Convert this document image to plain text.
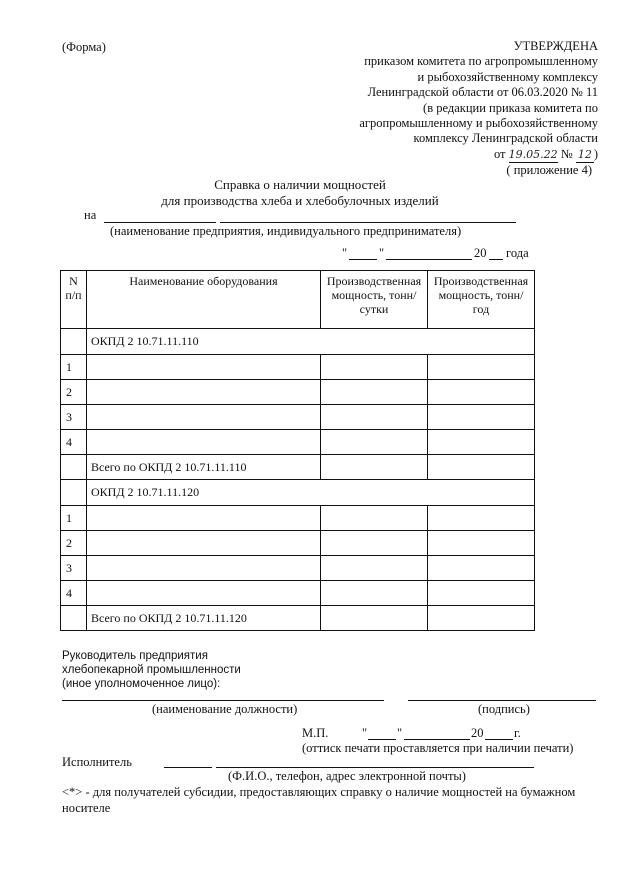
(Форма)	УТВЕРЖДЕНА
приказом комитета по агропромышленному
и рыбохозяйственному комплексу
Ленинградской области от 06.03.2020 № 11
(в редакции приказа комитета по
агропромышленному и рыбохозяйственному
комплексу Ленинградской области
от 19.05.22 № 12 )
( приложение 4)
Справка о наличии мощностей
для производства хлеба и хлебобулочных изделий
на
(наименование предприятия, индивидуального предпринимателя)
"	"	20 года
N п/п	Наименование оборудования	Производственная мощность, тонн/сутки	Производственная мощность, тонн/год
	ОКПД 2 10.71.11.110		
1			
2			
3			
4			
	Всего по ОКПД 2 10.71.11.110		
	ОКПД 2 10.71.11.120		
1			
2			
3			
4			
	Всего по ОКПД 2 10.71.11.120		
Руководитель предприятия
хлебопекарной промышленности
(иное уполномоченное лицо):
(наименование должности)	(подпись)
М.П.	" "	20 г.
(оттиск печати проставляется при наличии печати)
Исполнитель
(Ф.И.О., телефон, адрес электронной почты)
<*> - для получателей субсидии, предоставляющих справку о наличие мощностей на бумажном
носителе
